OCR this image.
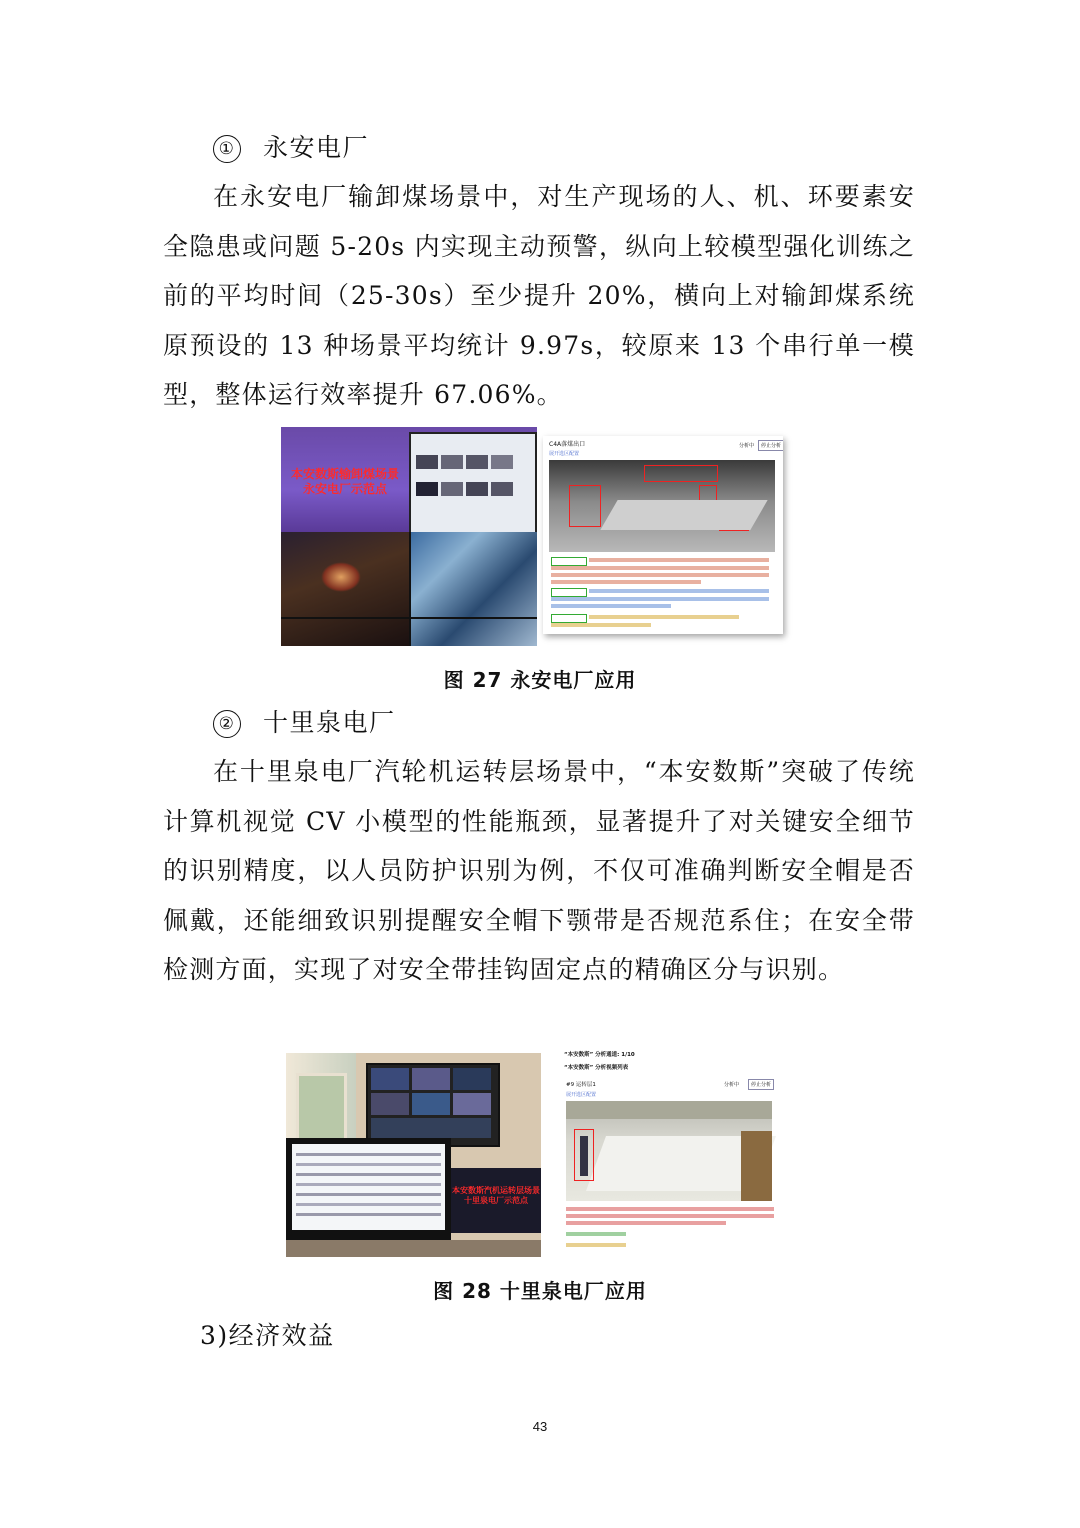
① 永安电厂

在永安电厂输卸煤场景中，对生产现场的人、机、环要素安全隐患或问题 5-20s 内实现主动预警，纵向上较模型强化训练之前的平均时间（25-30s）至少提升 20%，横向上对输卸煤系统原预设的 13 种场景平均统计 9.97s，较原来 13 个串行单一模型，整体运行效率提升 67.06%。

本安数斯输卸煤场景
永安电厂示范点
C4A落煤出口	分析中	停止分析
展开选区配置
图 27 永安电厂应用
② 十里泉电厂

在十里泉电厂汽轮机运转层场景中，“本安数斯”突破了传统计算机视觉 CV 小模型的性能瓶颈，显著提升了对关键安全细节的识别精度，以人员防护识别为例，不仅可准确判断安全帽是否佩戴，还能细致识别提醒安全帽下颚带是否规范系住；在安全带检测方面，实现了对安全带挂钩固定点的精确区分与识别。

本安数斯汽机运转层场景
十里泉电厂示范点
“本安数斯” 分析通道: 1/10
“本安数斯” 分析视频列表
#9 运转层1	分析中	停止分析
展开选区配置
图 28 十里泉电厂应用
3)经济效益
43
